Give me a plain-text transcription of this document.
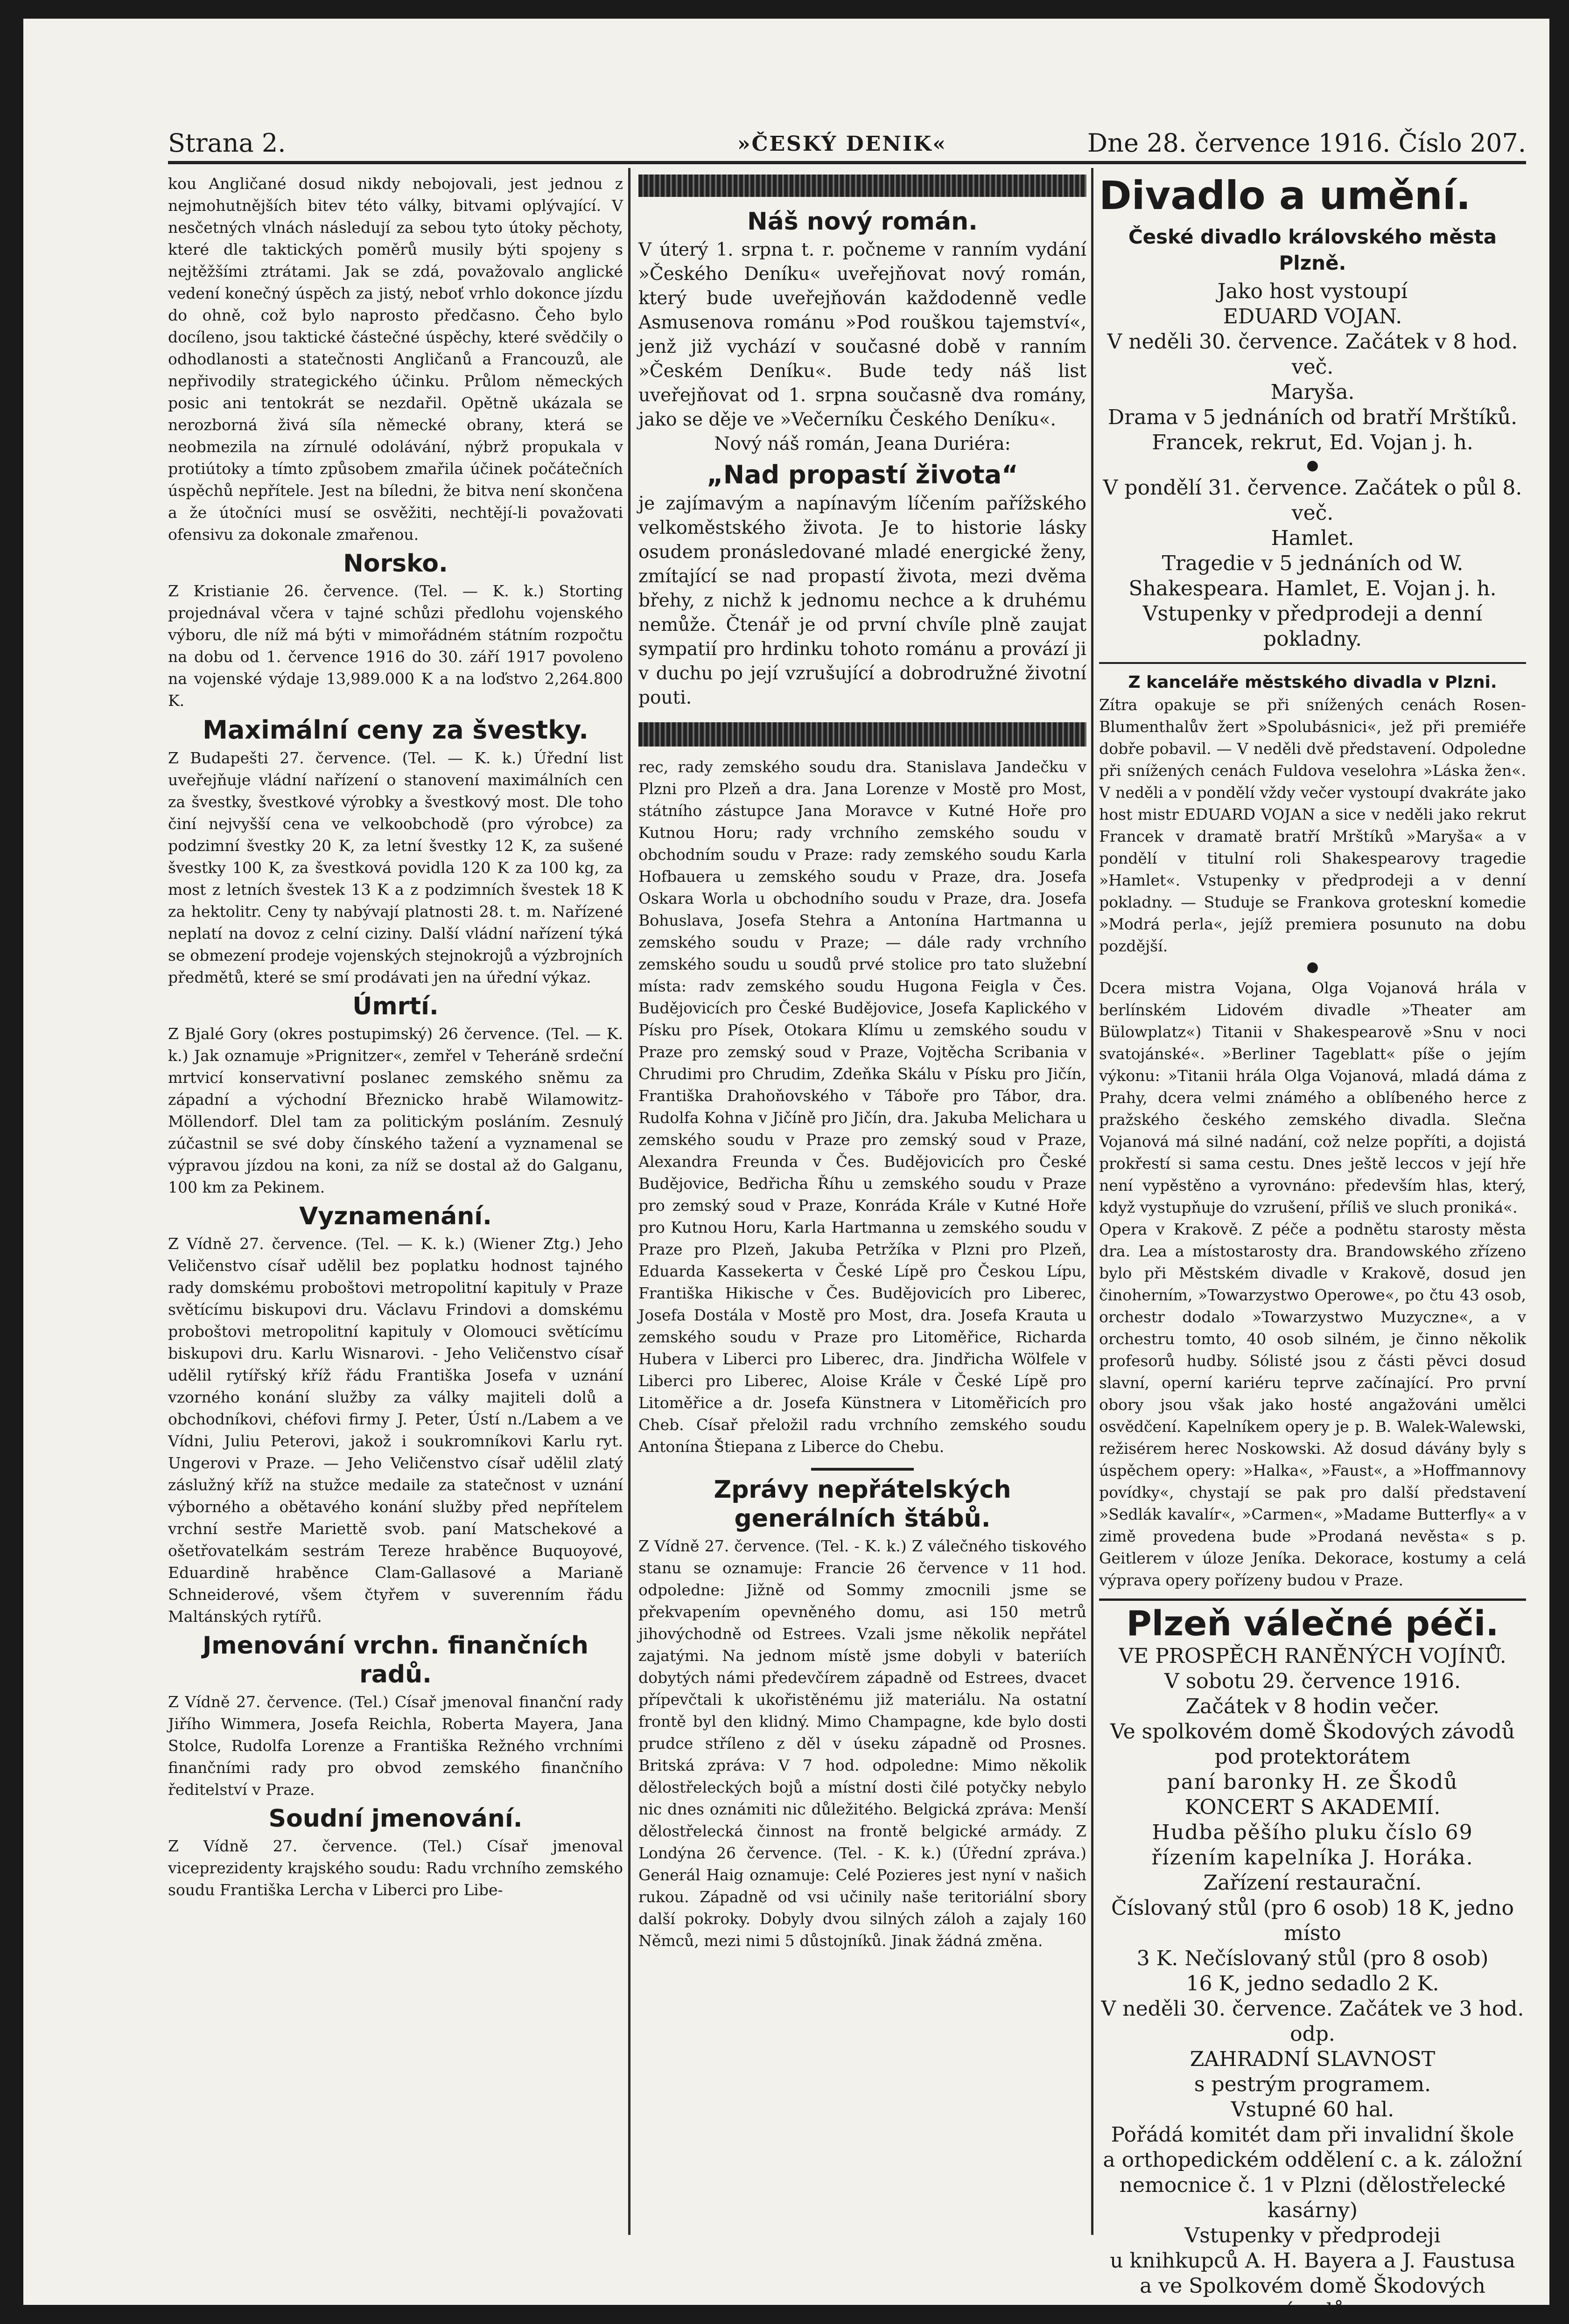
Strana 2.	»ČESKÝ DENIK«	Dne 28. července 1916. Číslo 207.

kou Angličané dosud nikdy nebojovali, jest jednou z nejmohutnějších bitev této války, bitvami oplývající. V nesčetných vlnách následují za sebou tyto útoky pěchoty, které dle taktických poměrů musily býti spojeny s nejtěžšími ztrátami. Jak se zdá, považovalo anglické vedení konečný úspěch za jistý, neboť vrhlo dokonce jízdu do ohně, což bylo naprosto předčasno. Čeho bylo docíleno, jsou taktické částečné úspěchy, které svědčily o odhodlanosti a statečnosti Angličanů a Francouzů, ale nepřivodily strategického účinku. Průlom německých posic ani tentokrát se nezdařil. Opětně ukázala se nerozborná živá síla německé obrany, která se neobmezila na zírnulé odolávání, nýbrž propukala v protiútoky a tímto způsobem zmařila účinek počátečních úspěchů nepřítele. Jest na bíledni, že bitva není skončena a že útočníci musí se osvěžiti, nechtějí-li považovati ofensivu za dokonale zmařenou.

Norsko.

Z Kristianie 26. července. (Tel. — K. k.) Storting projednával včera v tajné schůzi předlohu vojenského výboru, dle níž má býti v mimořádném státním rozpočtu na dobu od 1. července 1916 do 30. září 1917 povoleno na vojenské výdaje 13,989.000 K a na loďstvo 2,264.800 K.

Maximální ceny za švestky.

Z Budapešti 27. července. (Tel. — K. k.) Úřední list uveřejňuje vládní nařízení o stanovení maximálních cen za švestky, švestkové výrobky a švestkový most. Dle toho činí nejvyšší cena ve velkoobchodě (pro výrobce) za podzimní švestky 20 K, za letní švestky 12 K, za sušené švestky 100 K, za švestková povidla 120 K za 100 kg, za most z letních švestek 13 K a z podzimních švestek 18 K za hektolitr. Ceny ty nabývají platnosti 28. t. m. Nařízené neplatí na dovoz z celní ciziny. Další vládní nařízení týká se obmezení prodeje vojenských stejnokrojů a výzbrojních předmětů, které se smí prodávati jen na úřední výkaz.

Úmrtí.

Z Bjalé Gory (okres postupimský) 26 července. (Tel. — K. k.) Jak oznamuje »Prignitzer«, zemřel v Teheráně srdeční mrtvicí konservativní poslanec zemského sněmu za západní a východní Březnicko hrabě Wilamowitz-Möllendorf. Dlel tam za politickým posláním. Zesnulý zúčastnil se své doby čínského tažení a vyznamenal se výpravou jízdou na koni, za níž se dostal až do Galganu, 100 km za Pekinem.

Vyznamenání.

Z Vídně 27. července. (Tel. — K. k.) (Wiener Ztg.) Jeho Veličenstvo císař udělil bez poplatku hodnost tajného rady domskému proboštovi metropolitní kapituly v Praze světícímu biskupovi dru. Václavu Frindovi a domskému proboštovi metropolitní kapituly v Olomouci světícímu biskupovi dru. Karlu Wisnarovi. - Jeho Veličenstvo císař udělil rytířský kříž řádu Františka Josefa v uznání vzorného konání služby za války majiteli dolů a obchodníkovi, chéfovi firmy J. Peter, Ústí n./Labem a ve Vídni, Juliu Peterovi, jakož i soukromníkovi Karlu ryt. Ungerovi v Praze. — Jeho Veličenstvo císař udělil zlatý záslužný kříž na stužce medaile za statečnost v uznání výborného a obětavého konání služby před nepřítelem vrchní sestře Mariettě svob. paní Matschekové a ošetřovatelkám sestrám Tereze hraběnce Buquoyové, Eduardině hraběnce Clam-Gallasové a Marianě Schneiderové, všem čtyřem v suverenním řádu Maltánských rytířů.

Jmenování vrchn. finančních radů.

Z Vídně 27. července. (Tel.) Císař jmenoval finanční rady Jiřího Wimmera, Josefa Reichla, Roberta Mayera, Jana Stolce, Rudolfa Lorenze a Františka Režného vrchními finančními rady pro obvod zemského finančního ředitelství v Praze.

Soudní jmenování.

Z Vídně 27. července. (Tel.) Císař jmenoval viceprezidenty krajského soudu: Radu vrchního zemského soudu Františka Lercha v Liberci pro Libe-

Náš nový román.

V úterý 1. srpna t. r. počneme v ranním vydání »Českého Deníku« uveřejňovat nový román, který bude uveřejňován každodenně vedle Asmusenova románu »Pod rouškou tajemství«, jenž již vychází v současné době v ranním »Českém Deníku«. Bude tedy náš list uveřejňovat od 1. srpna současně dva romány, jako se děje ve »Večerníku Českého Deníku«.

Nový náš román, Jeana Duriéra:

„Nad propastí života“

je zajímavým a napínavým líčením pařížského velkoměstského života. Je to historie lásky osudem pronásledované mladé energické ženy, zmítající se nad propastí života, mezi dvěma břehy, z nichž k jednomu nechce a k druhému nemůže. Čtenář je od první chvíle plně zaujat sympatií pro hrdinku tohoto románu a provází ji v duchu po její vzrušující a dobrodružné životní pouti.

rec, rady zemského soudu dra. Stanislava Jandečku v Plzni pro Plzeň a dra. Jana Lorenze v Mostě pro Most, státního zástupce Jana Moravce v Kutné Hoře pro Kutnou Horu; rady vrchního zemského soudu v obchodním soudu v Praze: rady zemského soudu Karla Hofbauera u zemského soudu v Praze, dra. Josefa Oskara Worla u obchodního soudu v Praze, dra. Josefa Bohuslava, Josefa Stehra a Antonína Hartmanna u zemského soudu v Praze; — dále rady vrchního zemského soudu u soudů prvé stolice pro tato služební místa: radv zemského soudu Hugona Feigla v Čes. Budějovicích pro České Budějovice, Josefa Kaplického v Písku pro Písek, Otokara Klímu u zemského soudu v Praze pro zemský soud v Praze, Vojtěcha Scribania v Chrudimi pro Chrudim, Zdeňka Skálu v Písku pro Jičín, Františka Drahoňovského v Táboře pro Tábor, dra. Rudolfa Kohna v Jičíně pro Jičín, dra. Jakuba Melichara u zemského soudu v Praze pro zemský soud v Praze, Alexandra Freunda v Čes. Budějovicích pro České Budějovice, Bedřicha Říhu u zemského soudu v Praze pro zemský soud v Praze, Konráda Krále v Kutné Hoře pro Kutnou Horu, Karla Hartmanna u zemského soudu v Praze pro Plzeň, Jakuba Petržíka v Plzni pro Plzeň, Eduarda Kassekerta v České Lípě pro Českou Lípu, Františka Hikische v Čes. Budějovicích pro Liberec, Josefa Dostála v Mostě pro Most, dra. Josefa Krauta u zemského soudu v Praze pro Litoměřice, Richarda Hubera v Liberci pro Liberec, dra. Jindřicha Wölfele v Liberci pro Liberec, Aloise Krále v České Lípě pro Litoměřice a dr. Josefa Künstnera v Litoměřicích pro Cheb. Císař přeložil radu vrchního zemského soudu Antonína Štiepana z Liberce do Chebu.

Zprávy nepřátelských generálních štábů.

Z Vídně 27. července. (Tel. - K. k.) Z válečného tiskového stanu se oznamuje: Francie 26 července v 11 hod. odpoledne: Jižně od Sommy zmocnili jsme se překvapením opevněného domu, asi 150 metrů jihovýchodně od Estrees. Vzali jsme několik nepřátel zajatými. Na jednom místě jsme dobyli v bateriích dobytých námi předevčírem západně od Estrees, dvacet přípevčtali k ukořistěnému již materiálu. Na ostatní frontě byl den klidný. Mimo Champagne, kde bylo dosti prudce stříleno z děl v úseku západně od Prosnes. Britská zpráva: V 7 hod. odpoledne: Mimo několik dělostřeleckých bojů a místní dosti čilé potyčky nebylo nic dnes oznámiti nic důležitého. Belgická zpráva: Menší dělostřelecká činnost na frontě belgické armády. Z Londýna 26 července. (Tel. - K. k.) (Úřední zpráva.) Generál Haig oznamuje: Celé Pozieres jest nyní v našich rukou. Západně od vsi učinily naše teritoriální sbory další pokroky. Dobyly dvou silných záloh a zajaly 160 Němců, mezi nimi 5 důstojníků. Jinak žádná změna.

Divadlo a umění.

České divadlo královského města Plzně.

Jako host vystoupí

EDUARD VOJAN.

V neděli 30. července. Začátek v 8 hod. več.

Maryša.

Drama v 5 jednáních od bratří Mrštíků. Francek, rekrut, Ed. Vojan j. h.

●

V pondělí 31. července. Začátek o půl 8. več.

Hamlet.

Tragedie v 5 jednáních od W. Shakespeara. Hamlet, E. Vojan j. h.

Vstupenky v předprodeji a denní pokladny.

Z kanceláře městského divadla v Plzni.

Zítra opakuje se při snížených cenách Rosen-Blumenthalův žert »Spolubásnici«, jež při premiéře dobře pobavil. — V neděli dvě představení. Odpoledne při snížených cenách Fuldova veselohra »Láska žen«. V neděli a v pondělí vždy večer vystoupí dvakráte jako host mistr EDUARD VOJAN a sice v neděli jako rekrut Francek v dramatě bratří Mrštíků »Maryša« a v pondělí v titulní roli Shakespearovy tragedie »Hamlet«. Vstupenky v předprodeji a v denní pokladny. — Studuje se Frankova groteskní komedie »Modrá perla«, jejíž premiera posunuto na dobu pozdější.

●

Dcera mistra Vojana, Olga Vojanová hrála v berlínském Lidovém divadle »Theater am Bülowplatz«) Titanii v Shakespearově »Snu v noci svatojánské«. »Berliner Tageblatt« píše o jejím výkonu: »Titanii hrála Olga Vojanová, mladá dáma z Prahy, dcera velmi známého a oblíbeného herce z pražského českého zemského divadla. Slečna Vojanová má silné nadání, což nelze popříti, a dojistá prokřestí si sama cestu. Dnes ještě leccos v její hře není vypěstěno a vyrovnáno: především hlas, který, když vystupňuje do vzrušení, příliš ve sluch proniká«.

Opera v Krakově. Z péče a podnětu starosty města dra. Lea a místostarosty dra. Brandowského zřízeno bylo při Městském divadle v Krakově, dosud jen činoherním, »Towarzystwo Operowe«, po čtu 43 osob, orchestr dodalo »Towarzystwo Muzyczne«, a v orchestru tomto, 40 osob silném, je činno několik profesorů hudby. Sólisté jsou z části pěvci dosud slavní, operní kariéru teprve začínající. Pro první obory jsou však jako hosté angažováni umělci osvědčení. Kapelníkem opery je p. B. Walek-Walewski, režisérem herec Noskowski. Až dosud dávány byly s úspěchem opery: »Halka«, »Faust«, a »Hoffmannovy povídky«, chystají se pak pro další představení »Sedlák kavalír«, »Carmen«, »Madame Butterfly« a v zimě provedena bude »Prodaná nevěsta« s p. Geitlerem v úloze Jeníka. Dekorace, kostumy a celá výprava opery pořízeny budou v Praze.

Plzeň válečné péči.

VE PROSPĚCH RANĚNÝCH VOJÍNŮ.

V sobotu 29. července 1916.

Začátek v 8 hodin večer.

Ve spolkovém domě Škodových závodů

pod protektorátem

paní baronky H. ze Škodů

KONCERT S AKADEMIÍ.

Hudba pěšího pluku číslo 69

řízením kapelníka J. Horáka.

Zařízení restaurační.

Číslovaný stůl (pro 6 osob) 18 K, jedno místo

3 K. Nečíslovaný stůl (pro 8 osob)

16 K, jedno sedadlo 2 K.

V neděli 30. července. Začátek ve 3 hod. odp.

ZAHRADNÍ SLAVNOST

s pestrým programem.

Vstupné 60 hal.

Pořádá komitét dam při invalidní škole

a orthopedickém oddělení c. a k. záložní

nemocnice č. 1 v Plzni (dělostřelecké kasárny)

Vstupenky v předprodeji

u knihkupců A. H. Bayera a J. Faustusa

a ve Spolkovém domě Škodových závodů.
